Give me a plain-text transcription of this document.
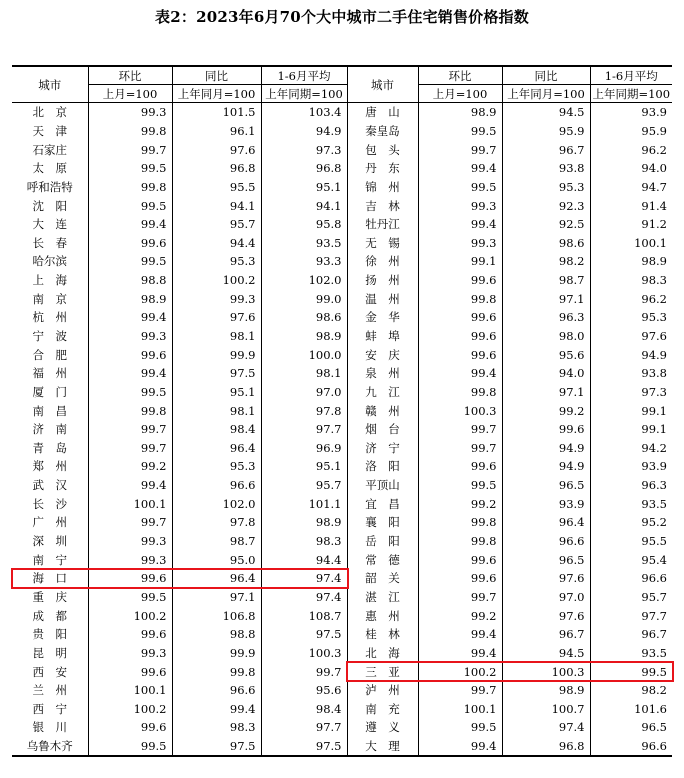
表2：2023年6月70个大中城市二手住宅销售价格指数
城市	环比	同比	1-6月平均	城市	环比	同比	1-6月平均
	上月=100	上年同月=100	上年同期=100		上月=100	上年同月=100	上年同期=100
北　京	99.3	101.5	103.4	唐　山	98.9	94.5	93.9
天　津	99.8	96.1	94.9	秦皇岛	99.5	95.9	95.9
石家庄	99.7	97.6	97.3	包　头	99.7	96.7	96.2
太　原	99.5	96.8	96.8	丹　东	99.4	93.8	94.0
呼和浩特	99.8	95.5	95.1	锦　州	99.5	95.3	94.7
沈　阳	99.5	94.1	94.1	吉　林	99.3	92.3	91.4
大　连	99.4	95.7	95.8	牡丹江	99.4	92.5	91.2
长　春	99.6	94.4	93.5	无　锡	99.3	98.6	100.1
哈尔滨	99.5	95.3	93.3	徐　州	99.1	98.2	98.9
上　海	98.8	100.2	102.0	扬　州	99.6	98.7	98.3
南　京	98.9	99.3	99.0	温　州	99.8	97.1	96.2
杭　州	99.4	97.6	98.6	金　华	99.6	96.3	95.3
宁　波	99.3	98.1	98.9	蚌　埠	99.6	98.0	97.6
合　肥	99.6	99.9	100.0	安　庆	99.6	95.6	94.9
福　州	99.4	97.5	98.1	泉　州	99.4	94.0	93.8
厦　门	99.5	95.1	97.0	九　江	99.8	97.1	97.3
南　昌	99.8	98.1	97.8	赣　州	100.3	99.2	99.1
济　南	99.7	98.4	97.7	烟　台	99.7	99.6	99.1
青　岛	99.7	96.4	96.9	济　宁	99.7	94.9	94.2
郑　州	99.2	95.3	95.1	洛　阳	99.6	94.9	93.9
武　汉	99.4	96.6	95.7	平顶山	99.5	96.5	96.3
长　沙	100.1	102.0	101.1	宜　昌	99.2	93.9	93.5
广　州	99.7	97.8	98.9	襄　阳	99.8	96.4	95.2
深　圳	99.3	98.7	98.3	岳　阳	99.8	96.6	95.5
南　宁	99.3	95.0	94.4	常　德	99.6	96.5	95.4
海　口	99.6	96.4	97.4	韶　关	99.6	97.6	96.6
重　庆	99.5	97.1	97.4	湛　江	99.7	97.0	95.7
成　都	100.2	106.8	108.7	惠　州	99.2	97.6	97.7
贵　阳	99.6	98.8	97.5	桂　林	99.4	96.7	96.7
昆　明	99.3	99.9	100.3	北　海	99.4	94.5	93.5
西　安	99.6	99.8	99.7	三　亚	100.2	100.3	99.5
兰　州	100.1	96.6	95.6	泸　州	99.7	98.9	98.2
西　宁	100.2	99.4	98.4	南　充	100.1	100.7	101.6
银　川	99.6	98.3	97.7	遵　义	99.5	97.4	96.5
乌鲁木齐	99.5	97.5	97.5	大　理	99.4	96.8	96.6
